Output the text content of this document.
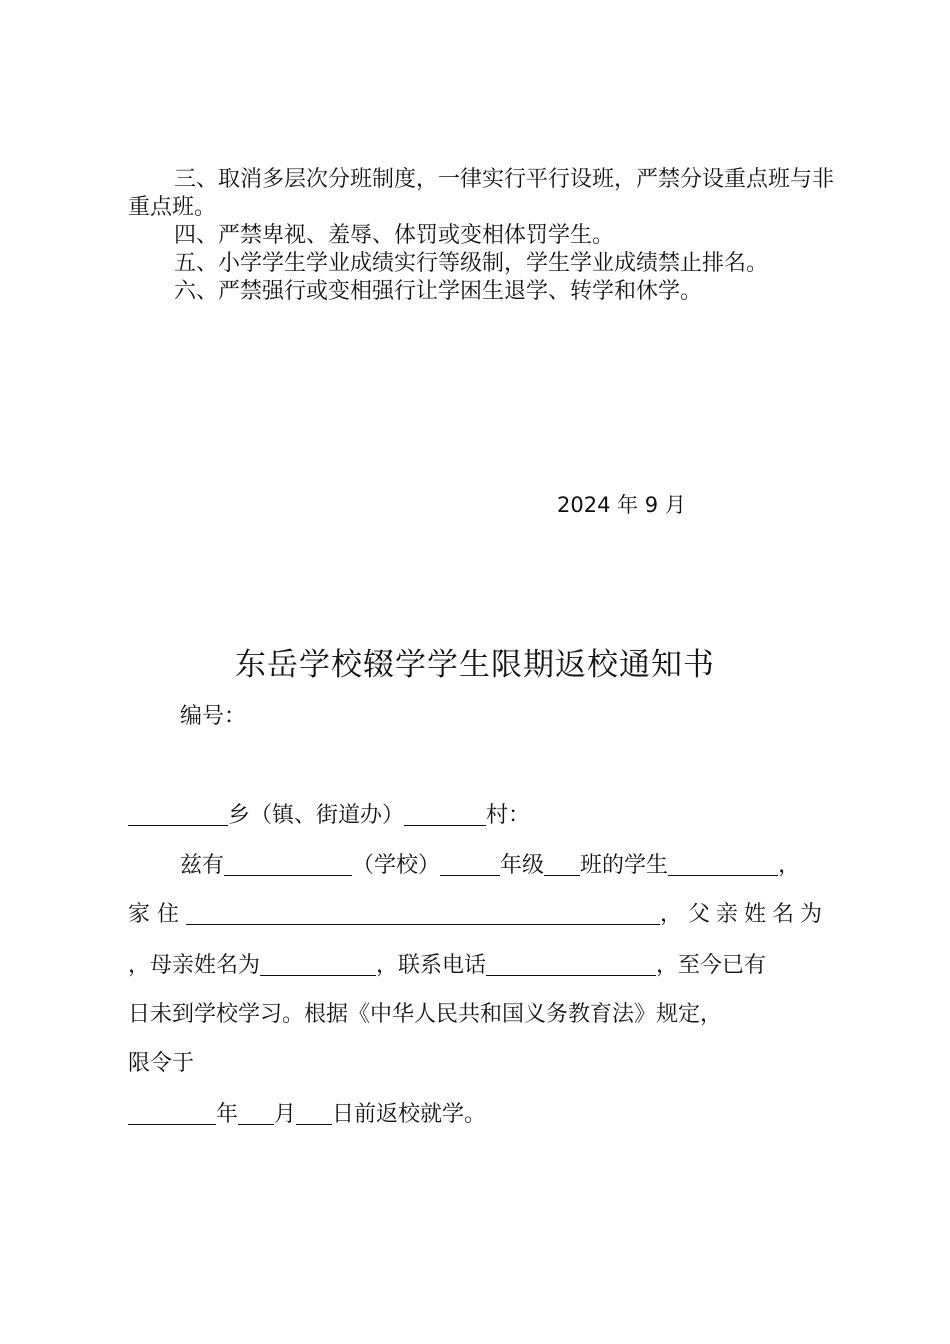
三、取消多层次分班制度，一律实行平行设班，严禁分设重点班与非重点班。

四、严禁卑视、羞辱、体罚或变相体罚学生。

五、小学学生学业成绩实行等级制，学生学业成绩禁止排名。

六、严禁强行或变相强行让学困生退学、转学和休学。

2024 年 9 月
东岳学校辍学学生限期返校通知书
编号：
乡（镇、街道办）	村：
兹有	（学校）	年级 班的学生	，
家住	，父亲姓名为
，母亲姓名为	，联系电话	，至今已有
日未到学校学习。根据《中华人民共和国义务教育法》规定，
限令于
年 月 日前返校就学。
